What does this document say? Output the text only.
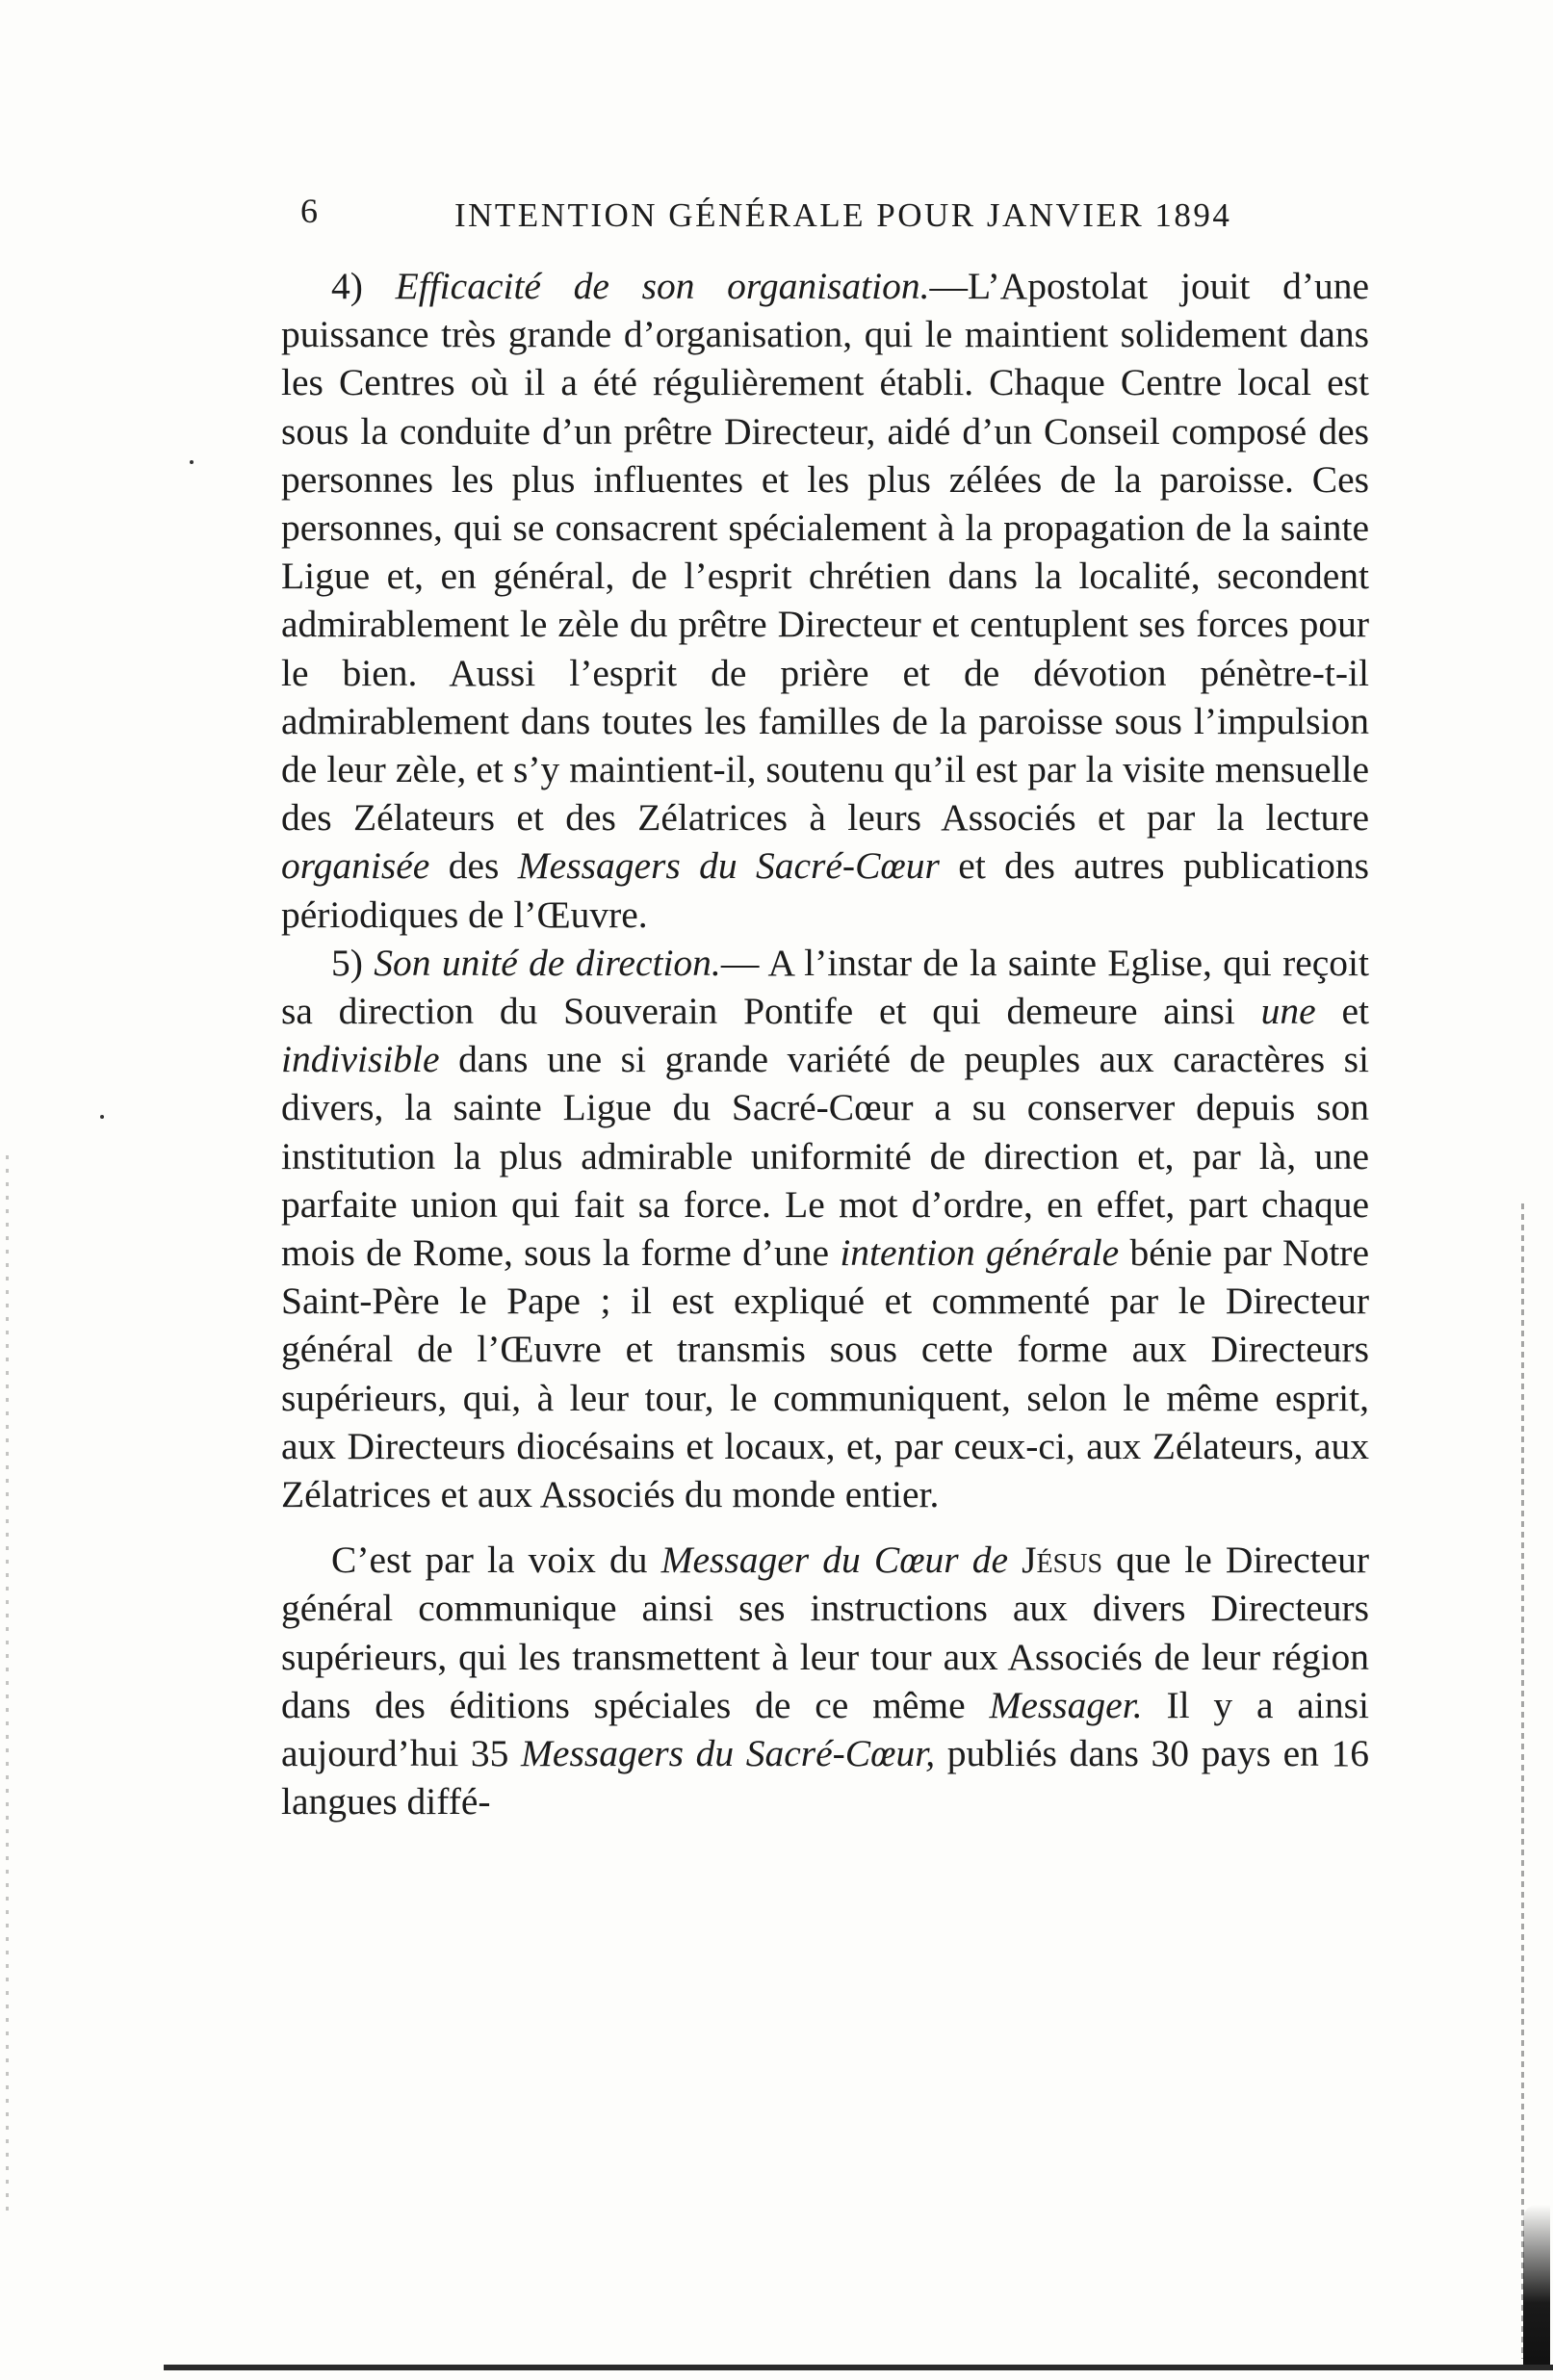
6	INTENTION GÉNÉRALE POUR JANVIER 1894

4) Efficacité de son organisation.—L’Apostolat jouit d’une puissance très grande d’organisation, qui le maintient solidement dans les Centres où il a été régulièrement établi. Chaque Centre local est sous la conduite d’un prêtre Directeur, aidé d’un Conseil composé des personnes les plus influentes et les plus zélées de la paroisse. Ces personnes, qui se consacrent spécialement à la propagation de la sainte Ligue et, en général, de l’esprit chrétien dans la localité, secondent admirablement le zèle du prêtre Directeur et centuplent ses forces pour le bien. Aussi l’esprit de prière et de dévotion pénètre-t-il admirablement dans toutes les familles de la paroisse sous l’impulsion de leur zèle, et s’y maintient-il, soutenu qu’il est par la visite mensuelle des Zélateurs et des Zélatrices à leurs Associés et par la lecture organisée des Messagers du Sacré-Cœur et des autres publications périodiques de l’Œuvre.

5) Son unité de direction.— A l’instar de la sainte Eglise, qui reçoit sa direction du Souverain Pontife et qui demeure ainsi une et indivisible dans une si grande variété de peuples aux caractères si divers, la sainte Ligue du Sacré-Cœur a su conserver depuis son institution la plus admirable uniformité de direction et, par là, une parfaite union qui fait sa force. Le mot d’ordre, en effet, part chaque mois de Rome, sous la forme d’une intention générale bénie par Notre Saint-Père le Pape ; il est expliqué et commenté par le Directeur général de l’Œuvre et transmis sous cette forme aux Directeurs supérieurs, qui, à leur tour, le communiquent, selon le même esprit, aux Directeurs diocésains et locaux, et, par ceux-ci, aux Zélateurs, aux Zélatrices et aux Associés du monde entier.

C’est par la voix du Messager du Cœur de Jésus que le Directeur général communique ainsi ses instructions aux divers Directeurs supérieurs, qui les transmettent à leur tour aux Associés de leur région dans des éditions spéciales de ce même Messager. Il y a ainsi aujourd’hui 35 Messagers du Sacré-Cœur, publiés dans 30 pays en 16 langues diffé-
